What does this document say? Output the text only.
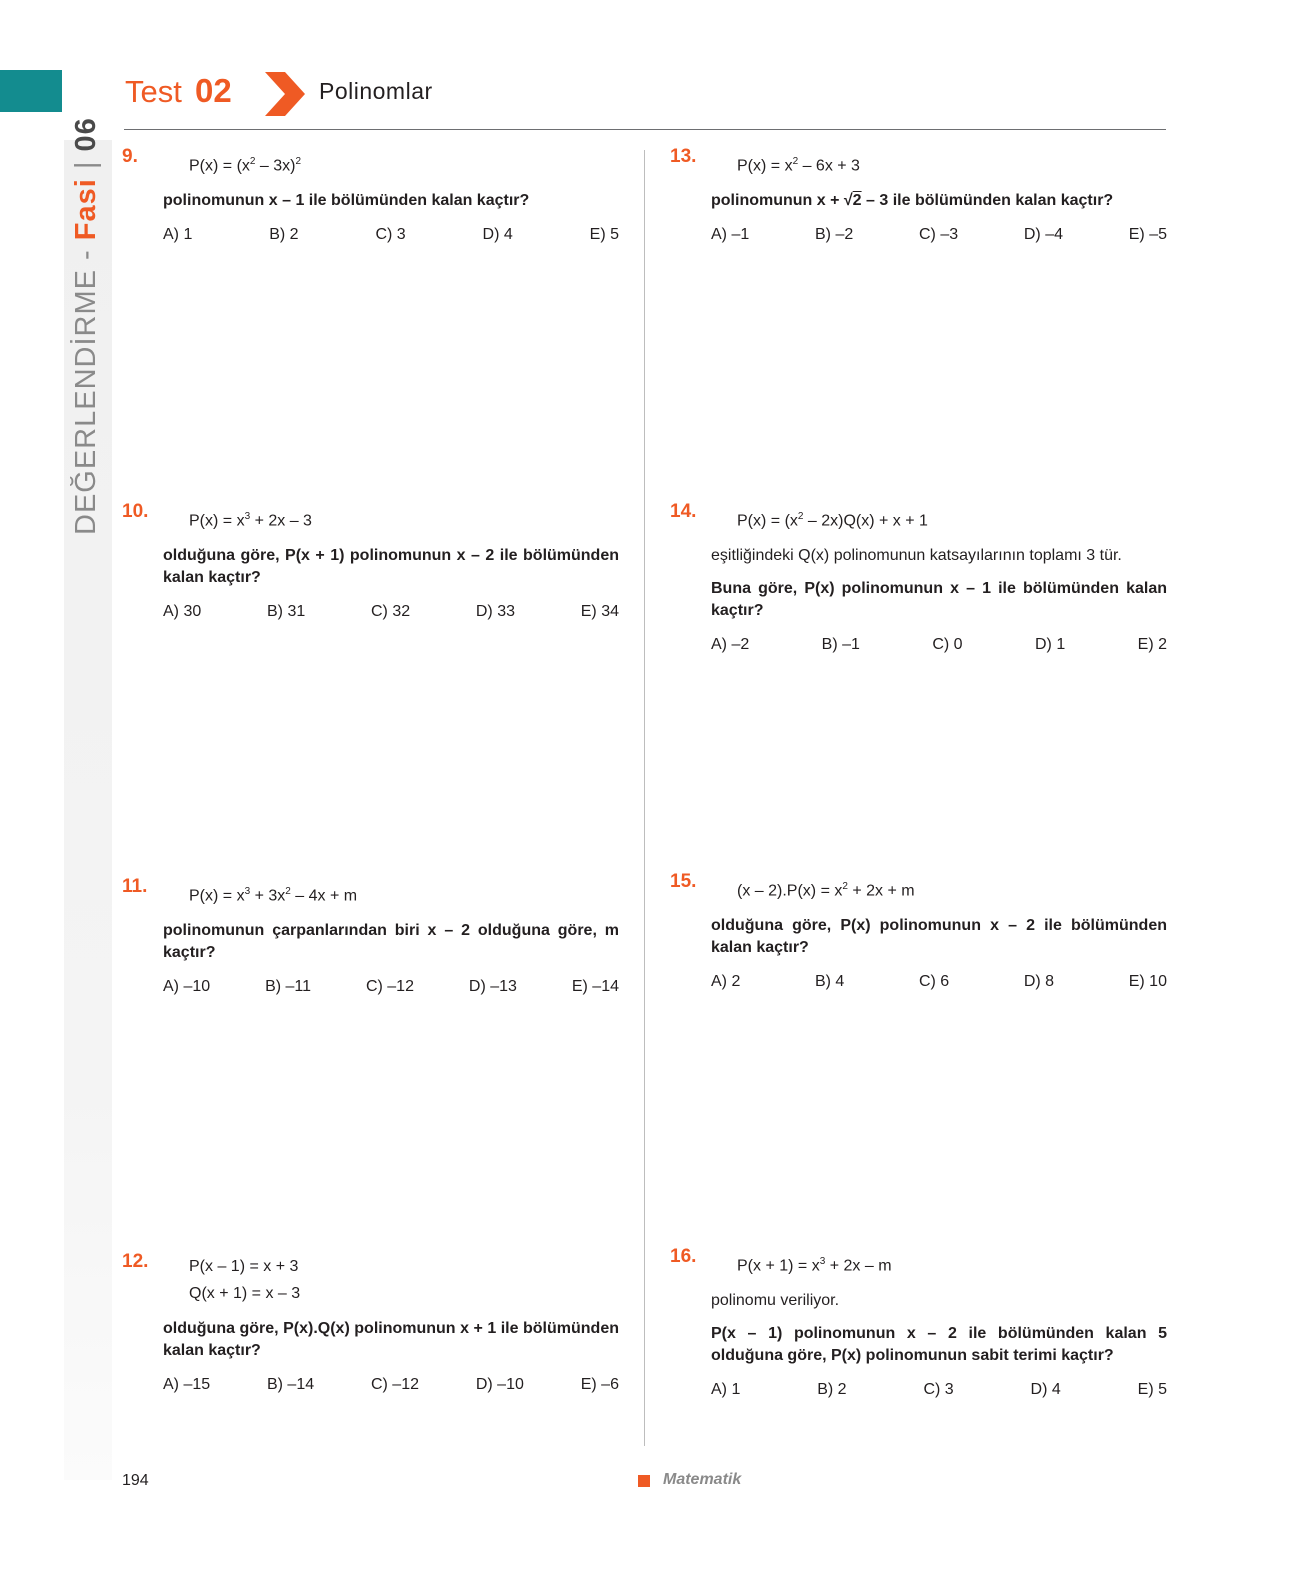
DEĞERLENDİRME - Fasi | 06
Test 02	Polinomlar
9.	$P(x) = (x^2 - 3x)^2$
polinomunun x – 1 ile bölümünden kalan kaçtır?
A) 1	B) 2	C) 3	D) 4	E) 5
10.	$P(x) = x^3 + 2x - 3$
olduğuna göre, P(x + 1) polinomunun x – 2 ile bölümünden kalan kaçtır?
A) 30	B) 31	C) 32	D) 33	E) 34
11.	$P(x) = x^3 + 3x^2 - 4x + m$
polinomunun çarpanlarından biri x – 2 olduğuna göre, m kaçtır?
A) –10	B) –11	C) –12	D) –13	E) –14
12.	P(x – 1) = x + 3
Q(x + 1) = x – 3
olduğuna göre, P(x).Q(x) polinomunun x + 1 ile bölümünden kalan kaçtır?
A) –15	B) –14	C) –12	D) –10	E) –6
13.	$P(x) = x^2 - 6x + 3$
polinomunun x + √2 – 3 ile bölümünden kalan kaçtır?
A) –1	B) –2	C) –3	D) –4	E) –5
14.	$P(x) = (x^2 - 2x)Q(x) + x + 1$
eşitliğindeki Q(x) polinomunun katsayılarının toplamı 3 tür.
Buna göre, P(x) polinomunun x – 1 ile bölümünden kalan kaçtır?
A) –2	B) –1	C) 0	D) 1	E) 2
15.	$(x - 2).P(x) = x^2 + 2x + m$
olduğuna göre, P(x) polinomunun x – 2 ile bölümünden kalan kaçtır?
A) 2	B) 4	C) 6	D) 8	E) 10
16.	$P(x + 1) = x^3 + 2x - m$
polinomu veriliyor.
P(x – 1) polinomunun x – 2 ile bölümünden kalan 5 olduğuna göre, P(x) polinomunun sabit terimi kaçtır?
A) 1	B) 2	C) 3	D) 4	E) 5
194	Matematik
